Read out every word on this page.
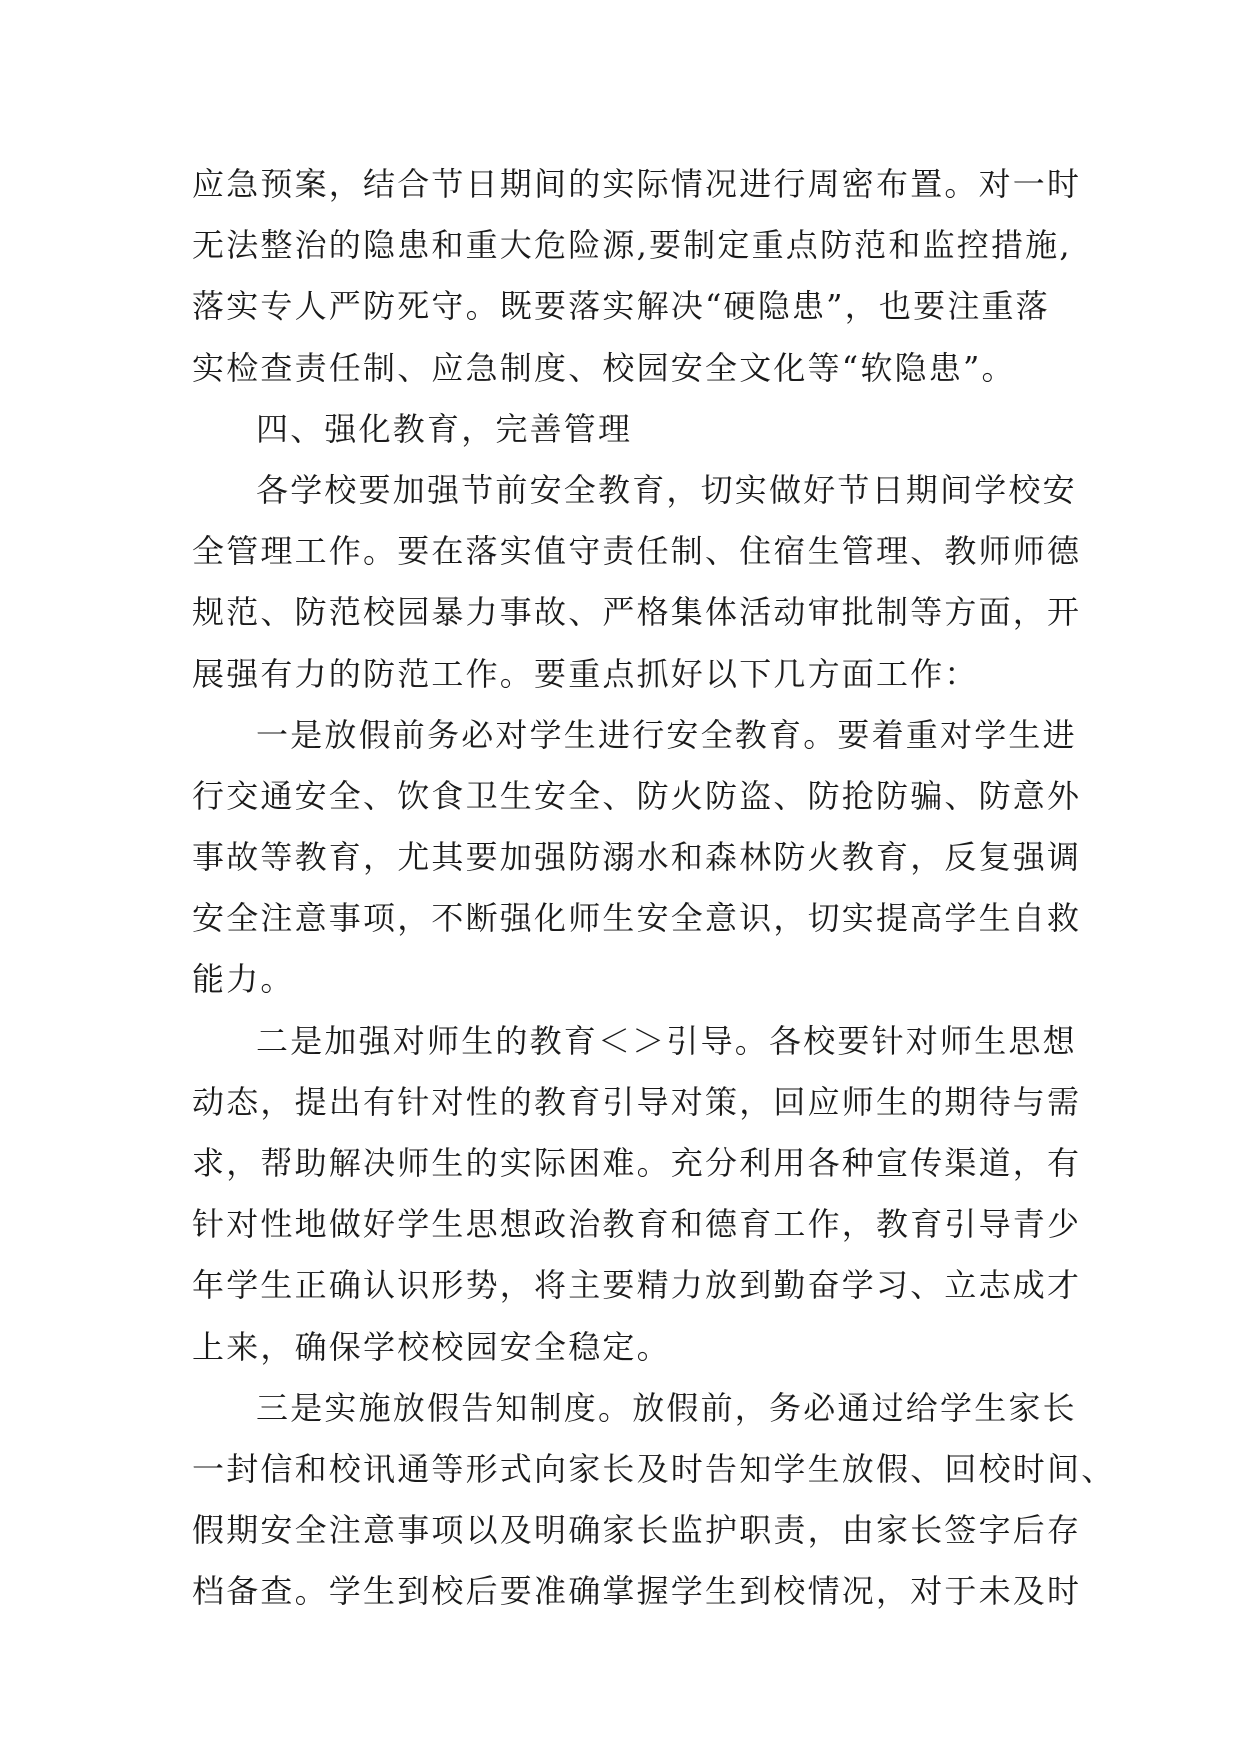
应急预案，结合节日期间的实际情况进行周密布置。对一时
无法整治的隐患和重大危险源,要制定重点防范和监控措施,
落实专人严防死守。既要落实解决“硬隐患”，也要注重落
实检查责任制、应急制度、校园安全文化等“软隐患”。
四、强化教育，完善管理
各学校要加强节前安全教育，切实做好节日期间学校安
全管理工作。要在落实值守责任制、住宿生管理、教师师德
规范、防范校园暴力事故、严格集体活动审批制等方面，开
展强有力的防范工作。要重点抓好以下几方面工作：
一是放假前务必对学生进行安全教育。要着重对学生进
行交通安全、饮食卫生安全、防火防盗、防抢防骗、防意外
事故等教育，尤其要加强防溺水和森林防火教育，反复强调
安全注意事项，不断强化师生安全意识，切实提高学生自救
能力。
二是加强对师生的教育＜＞引导。各校要针对师生思想
动态，提出有针对性的教育引导对策，回应师生的期待与需
求，帮助解决师生的实际困难。充分利用各种宣传渠道，有
针对性地做好学生思想政治教育和德育工作，教育引导青少
年学生正确认识形势，将主要精力放到勤奋学习、立志成才
上来，确保学校校园安全稳定。
三是实施放假告知制度。放假前，务必通过给学生家长
一封信和校讯通等形式向家长及时告知学生放假、回校时间、
假期安全注意事项以及明确家长监护职责，由家长签字后存
档备查。学生到校后要准确掌握学生到校情况，对于未及时
